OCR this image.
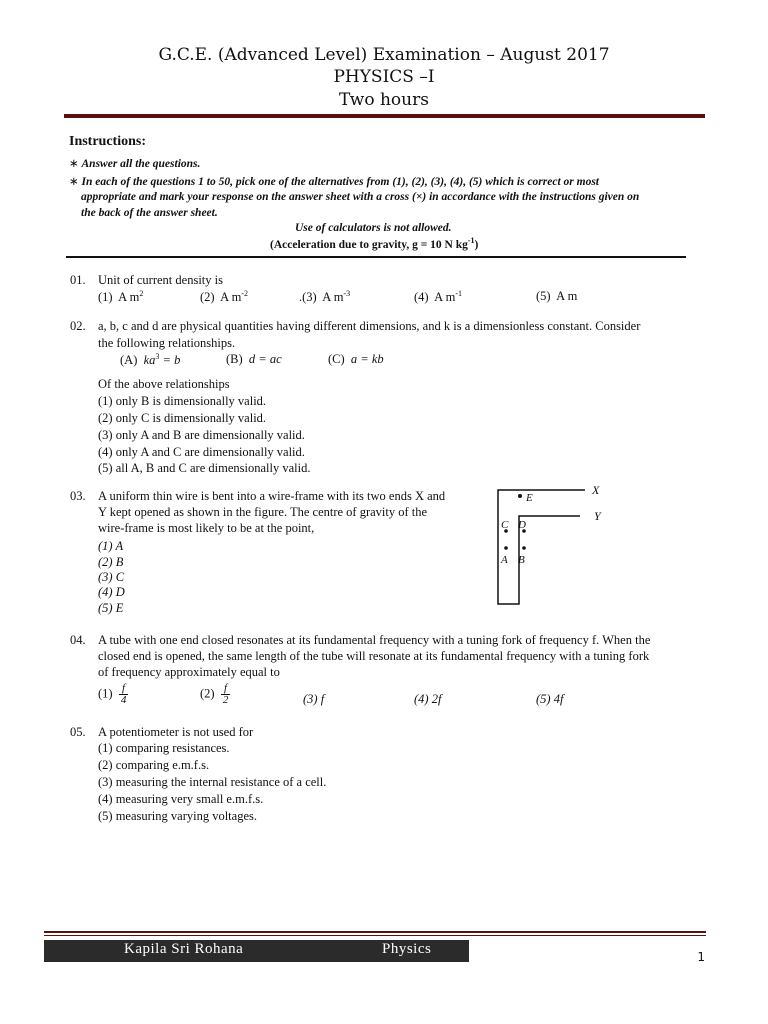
G.C.E. (Advanced Level) Examination – August 2017
PHYSICS –I
Two hours
Instructions:
∗ Answer all the questions.
∗ In each of the questions 1 to 50, pick one of the alternatives from (1), (2), (3), (4), (5) which is correct or most
appropriate and mark your response on the answer sheet with a cross (×) in accordance with the instructions given on
the back of the answer sheet.
Use of calculators is not allowed.
(Acceleration due to gravity, g = 10 N $kg^{-1}$)
01. Unit of current density is
(1) A $m^2$	(2) A $m^{-2}$	.(3) A $m^{-3}$	(4) A $m^{-1}$	(5) A m
02. a, b, c and d are physical quantities having different dimensions, and k is a dimensionless constant. Consider
the following relationships.
(A) $ka^3 = b$	(B) d = ac	(C) a = kb
Of the above relationships
(1) only B is dimensionally valid.
(2) only C is dimensionally valid.
(3) only A and B are dimensionally valid.
(4) only A and C are dimensionally valid.
(5) all A, B and C are dimensionally valid.
03. A uniform thin wire is bent into a wire-frame with its two ends X and
Y kept opened as shown in the figure. The centre of gravity of the
wire-frame is most likely to be at the point,
(1) A
(2) B
(3) C
(4) D
(5) E
X
Y
E
C D
A B
04. A tube with one end closed resonates at its fundamental frequency with a tuning fork of frequency f. When the
closed end is opened, the same length of the tube will resonate at its fundamental frequency with a tuning fork
of frequency approximately equal to
$(1) \frac{f}{4}$	$(2) \frac{f}{2}$	(3) f	(4) 2f	(5) 4f
05. A potentiometer is not used for
(1) comparing resistances.
(2) comparing e.m.f.s.
(3) measuring the internal resistance of a cell.
(4) measuring very small e.m.f.s.
(5) measuring varying voltages.
Kapila Sri Rohana	Physics	1
